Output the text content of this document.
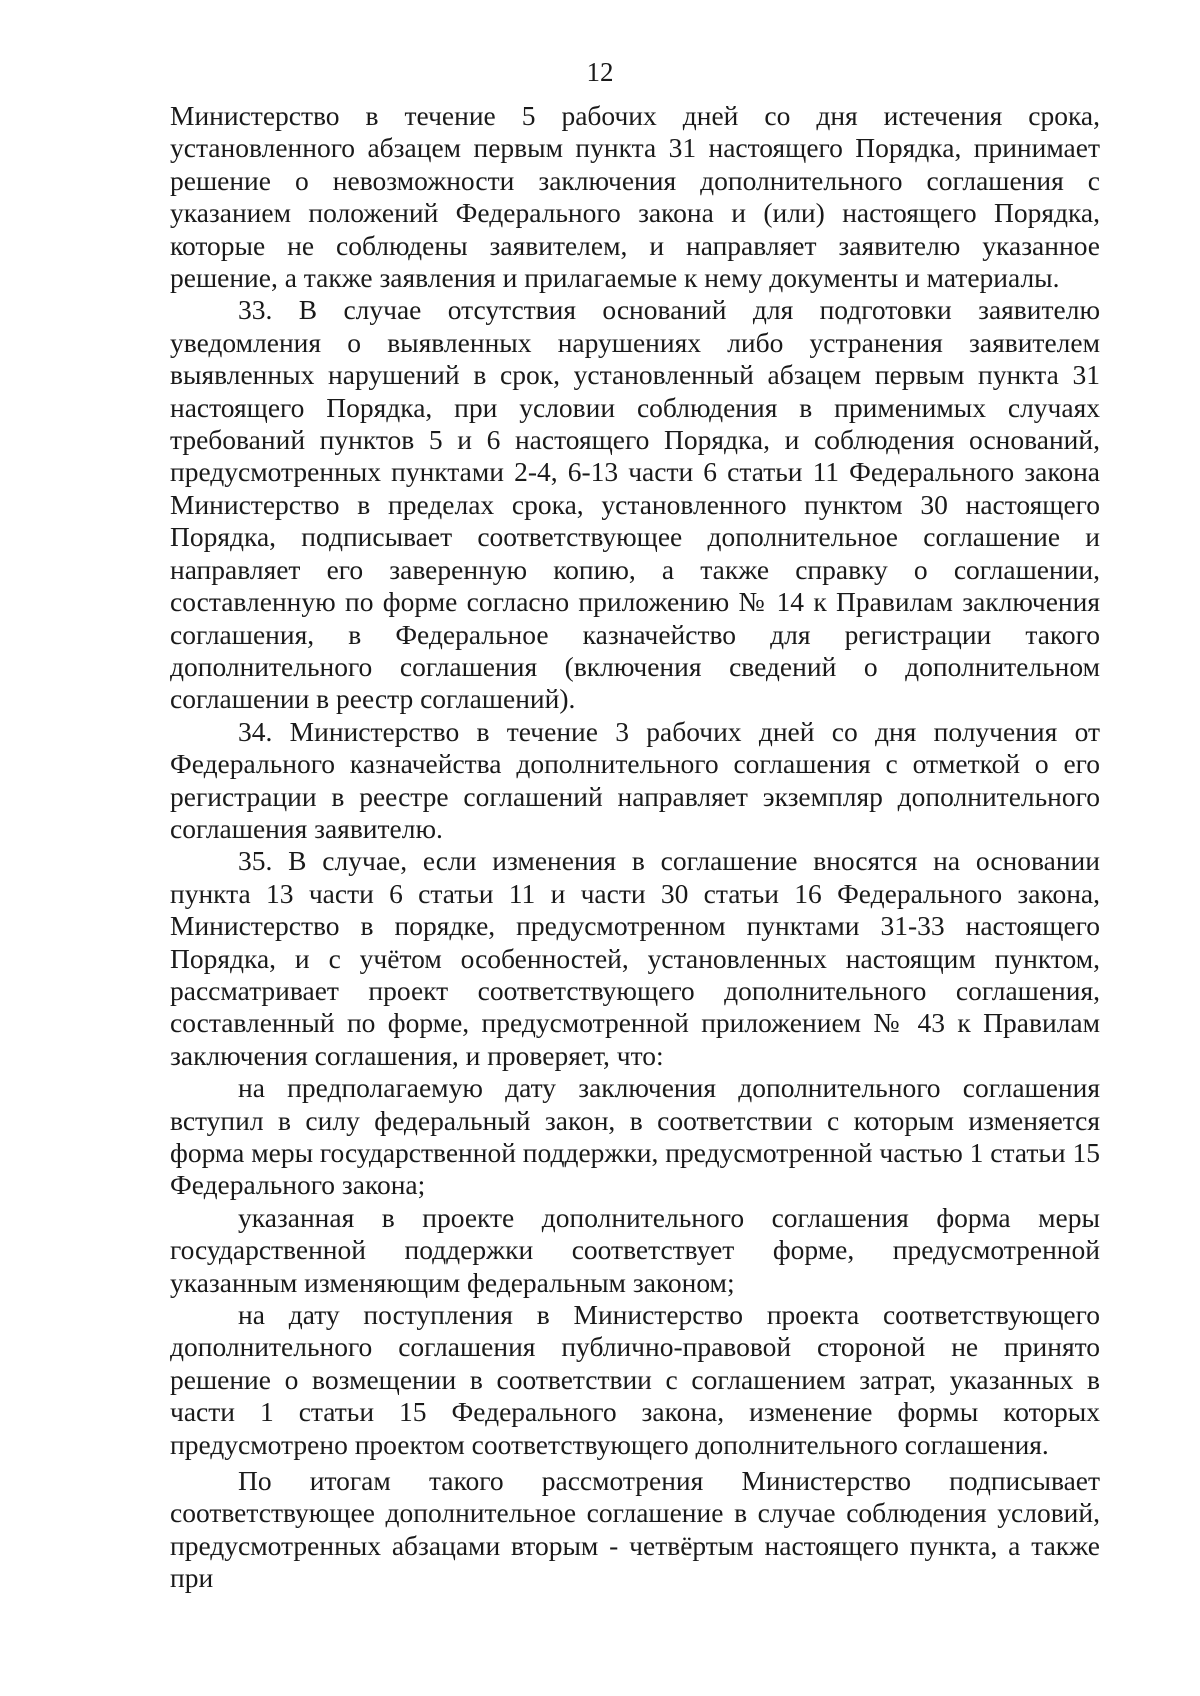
12

Министерство в течение 5 рабочих дней со дня истечения срока, установленного абзацем первым пункта 31 настоящего Порядка, принимает решение о невозможности заключения дополнительного соглашения с указанием положений Федерального закона и (или) настоящего Порядка, которые не соблюдены заявителем, и направляет заявителю указанное решение, а также заявления и прилагаемые к нему документы и материалы.

33. В случае отсутствия оснований для подготовки заявителю уведомления о выявленных нарушениях либо устранения заявителем выявленных нарушений в срок, установленный абзацем первым пункта 31 настоящего Порядка, при условии соблюдения в применимых случаях требований пунктов 5 и 6 настоящего Порядка, и соблюдения оснований, предусмотренных пунктами 2-4, 6-13 части 6 статьи 11 Федерального закона Министерство в пределах срока, установленного пунктом 30 настоящего Порядка, подписывает соответствующее дополнительное соглашение и направляет его заверенную копию, а также справку о соглашении, составленную по форме согласно приложению № 14 к Правилам заключения соглашения, в Федеральное казначейство для регистрации такого дополнительного соглашения (включения сведений о дополнительном соглашении в реестр соглашений).

34. Министерство в течение 3 рабочих дней со дня получения от Федерального казначейства дополнительного соглашения с отметкой о его регистрации в реестре соглашений направляет экземпляр дополнительного соглашения заявителю.

35. В случае, если изменения в соглашение вносятся на основании пункта 13 части 6 статьи 11 и части 30 статьи 16 Федерального закона, Министерство в порядке, предусмотренном пунктами 31-33 настоящего Порядка, и с учётом особенностей, установленных настоящим пунктом, рассматривает проект соответствующего дополнительного соглашения, составленный по форме, предусмотренной приложением № 43 к Правилам заключения соглашения, и проверяет, что:

на предполагаемую дату заключения дополнительного соглашения вступил в силу федеральный закон, в соответствии с которым изменяется форма меры государственной поддержки, предусмотренной частью 1 статьи 15 Федерального закона;

указанная в проекте дополнительного соглашения форма меры государственной поддержки соответствует форме, предусмотренной указанным изменяющим федеральным законом;

на дату поступления в Министерство проекта соответствующего дополнительного соглашения публично-правовой стороной не принято решение о возмещении в соответствии с соглашением затрат, указанных в части 1 статьи 15 Федерального закона, изменение формы которых предусмотрено проектом соответствующего дополнительного соглашения.

По итогам такого рассмотрения Министерство подписывает соответствующее дополнительное соглашение в случае соблюдения условий, предусмотренных абзацами вторым - четвёртым настоящего пункта, а также при
